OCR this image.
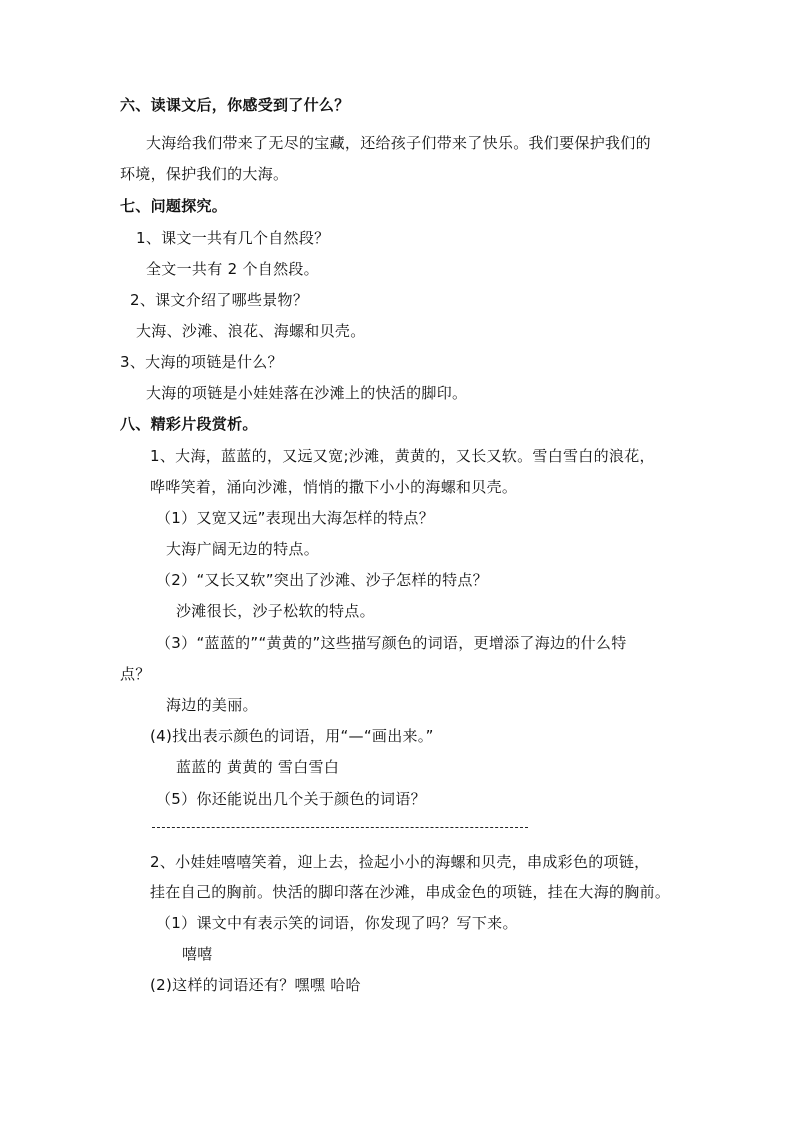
六、读课文后，你感受到了什么？
大海给我们带来了无尽的宝藏，还给孩子们带来了快乐。我们要保护我们的
环境，保护我们的大海。
七、问题探究。
1、课文一共有几个自然段？
全文一共有 2 个自然段。
2、课文介绍了哪些景物？
大海、沙滩、浪花、海螺和贝壳。
3、大海的项链是什么？
大海的项链是小娃娃落在沙滩上的快活的脚印。
八、精彩片段赏析。
1、大海，蓝蓝的，又远又宽;沙滩，黄黄的，又长又软。雪白雪白的浪花，
哗哗笑着，涌向沙滩，悄悄的撒下小小的海螺和贝壳。
（1）又宽又远”表现出大海怎样的特点？
大海广阔无边的特点。
（2）“又长又软”突出了沙滩、沙子怎样的特点？
沙滩很长，沙子松软的特点。
（3）“蓝蓝的”“黄黄的”这些描写颜色的词语，更增添了海边的什么特
点？
海边的美丽。
(4)找出表示颜色的词语，用“—“画出来。”
蓝蓝的 黄黄的 雪白雪白
（5）你还能说出几个关于颜色的词语？
2、小娃娃嘻嘻笑着，迎上去，捡起小小的海螺和贝壳，串成彩色的项链，
挂在自己的胸前。快活的脚印落在沙滩，串成金色的项链，挂在大海的胸前。
（1）课文中有表示笑的词语，你发现了吗？写下来。
嘻嘻
(2)这样的词语还有？嘿嘿 哈哈
